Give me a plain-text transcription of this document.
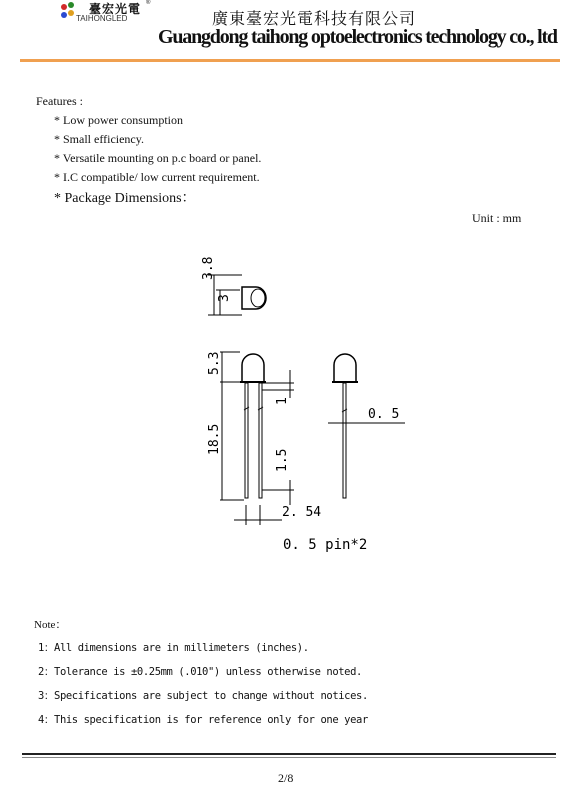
臺宏光電 ®
TAIHONGLED	廣東臺宏光電科技有限公司
Guangdong taihong optoelectronics technology co., ltd
Features :
* Low power consumption
* Small efficiency.
* Versatile mounting on p.c board or panel.
* I.C compatible/ low current requirement.
* Package Dimensions：
Unit : mm
3.8
3
5.3
18.5
1
1.5
2. 54
0. 5
0. 5 pin*2
Note：
1：All dimensions are in millimeters (inches).
2：Tolerance is ±0.25mm (.010") unless otherwise noted.
3：Specifications are subject to change without notices.
4：This specification is for reference only for one year
2/8
